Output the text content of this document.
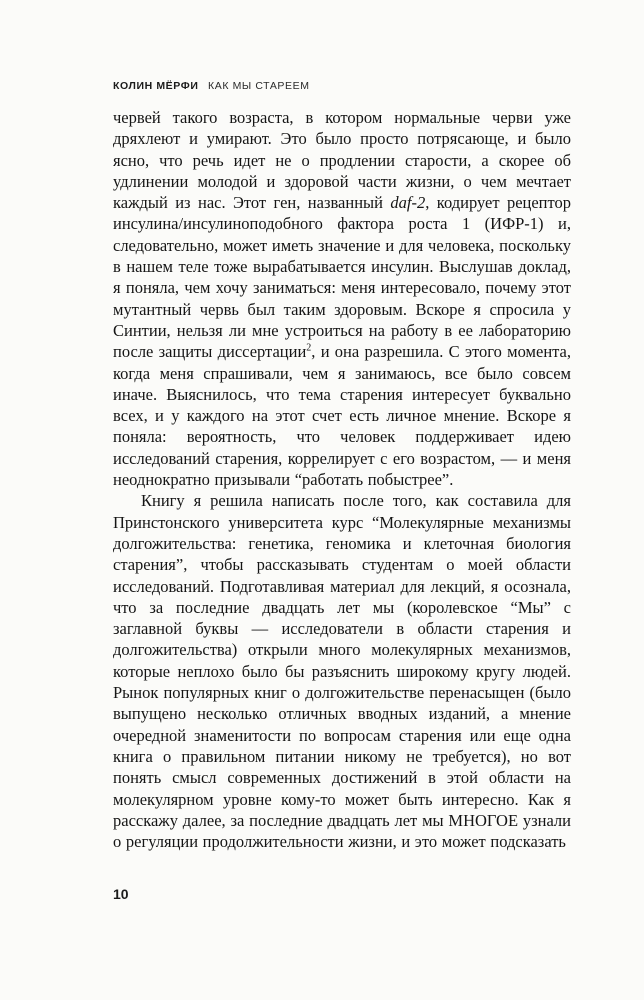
КОЛИН МЁРФИ КАК МЫ СТАРЕЕМ

червей такого возраста, в котором нормальные черви уже дряхлеют и умирают. Это было просто потрясающе, и было ясно, что речь идет не о продлении старости, а скорее об удлинении молодой и здоровой части жизни, о чем мечтает каждый из нас. Этот ген, названный daf-2, кодирует рецептор инсулина/инсулиноподобного фактора роста 1 (ИФР-1) и, следовательно, может иметь значение и для человека, поскольку в нашем теле тоже вырабатывается инсулин. Выслушав доклад, я поняла, чем хочу заниматься: меня интересовало, почему этот мутантный червь был таким здоровым. Вскоре я спросила у Синтии, нельзя ли мне устроиться на работу в ее лабораторию после защиты диссертации$^2$, и она разрешила. С этого момента, когда меня спрашивали, чем я занимаюсь, все было совсем иначе. Выяснилось, что тема старения интересует буквально всех, и у каждого на этот счет есть личное мнение. Вскоре я поняла: вероятность, что человек поддерживает идею исследований старения, коррелирует с его возрастом, — и меня неоднократно призывали “работать побыстрее”.

Книгу я решила написать после того, как составила для Принстонского университета курс “Молекулярные механизмы долгожительства: генетика, геномика и клеточная биология старения”, чтобы рассказывать студентам о моей области исследований. Подготавливая материал для лекций, я осознала, что за последние двадцать лет мы (королевское “Мы” с заглавной буквы — исследователи в области старения и долгожительства) открыли много молекулярных механизмов, которые неплохо было бы разъяснить широкому кругу людей. Рынок популярных книг о долгожительстве перенасыщен (было выпущено несколько отличных вводных изданий, а мнение очередной знаменитости по вопросам старения или еще одна книга о правильном питании никому не требуется), но вот понять смысл современных достижений в этой области на молекулярном уровне кому-то может быть интересно. Как я расскажу далее, за последние двадцать лет мы МНОГОЕ узнали о регуляции продолжительности жизни, и это может подсказать

10
